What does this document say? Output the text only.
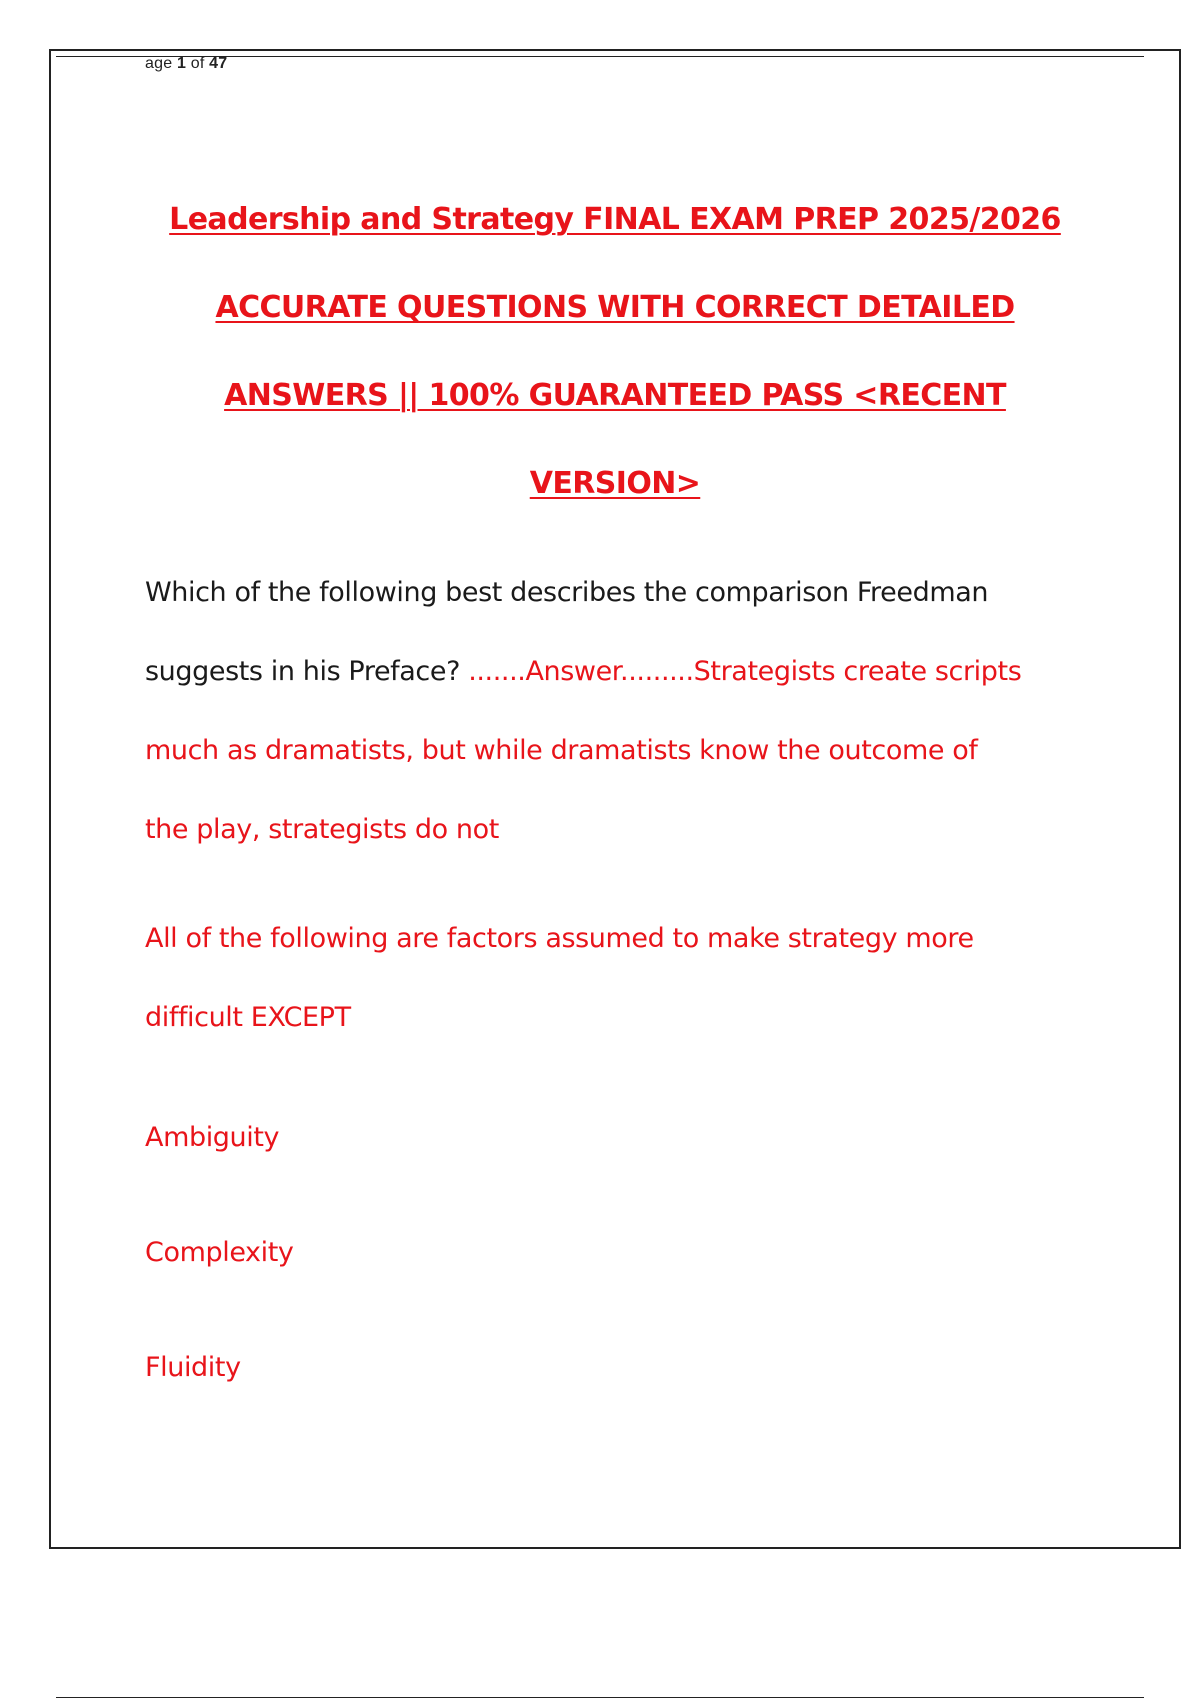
age 1 of 47
Leadership and Strategy FINAL EXAM PREP 2025/2026
ACCURATE QUESTIONS WITH CORRECT DETAILED
ANSWERS || 100% GUARANTEED PASS <RECENT
VERSION>
Which of the following best describes the comparison Freedman
suggests in his Preface? .......Answer.........Strategists create scripts
much as dramatists, but while dramatists know the outcome of
the play, strategists do not
All of the following are factors assumed to make strategy more
difficult EXCEPT
Ambiguity
Complexity
Fluidity
